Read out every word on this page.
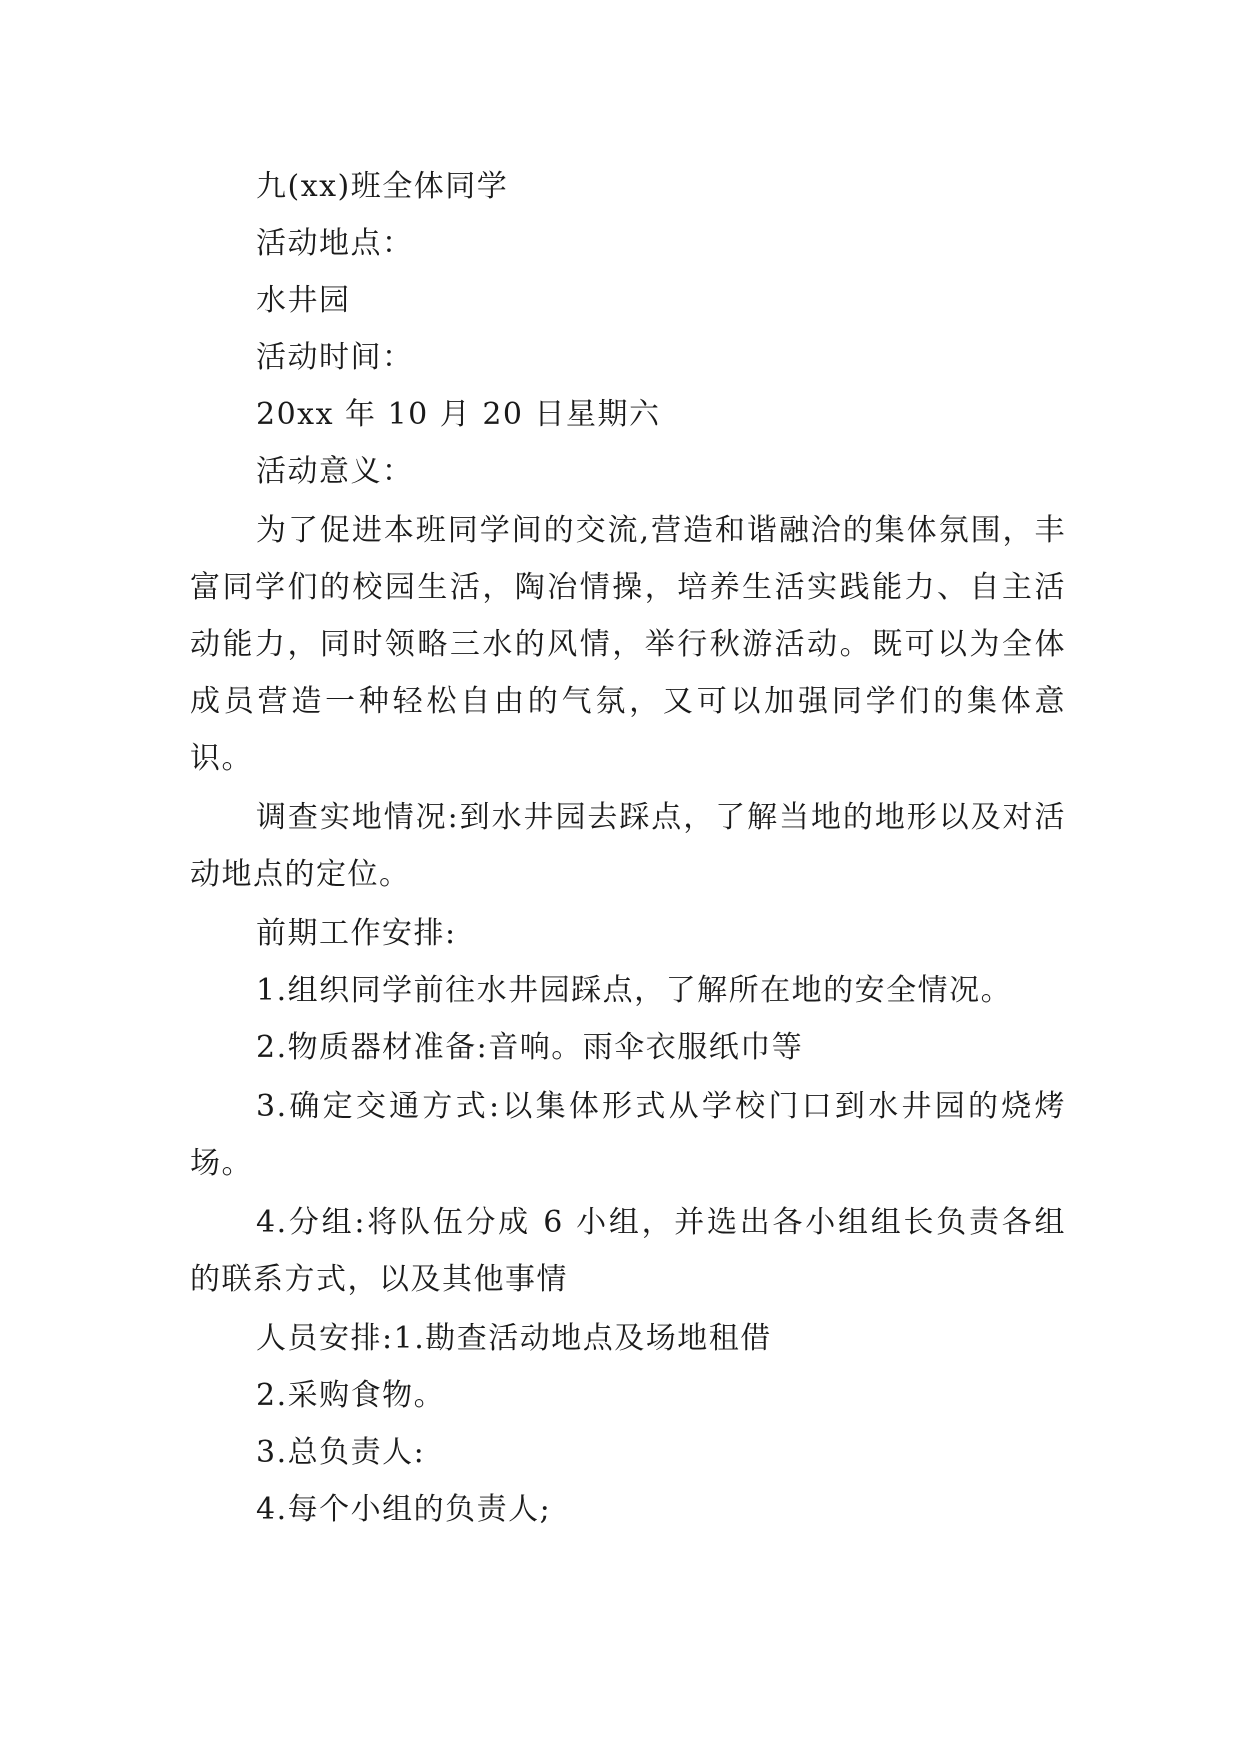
九(xx)班全体同学

活动地点：

水井园

活动时间：

20xx 年 10 月 20 日星期六

活动意义：

为了促进本班同学间的交流,营造和谐融洽的集体氛围，丰富同学们的校园生活，陶冶情操，培养生活实践能力、自主活动能力，同时领略三水的风情，举行秋游活动。既可以为全体成员营造一种轻松自由的气氛，又可以加强同学们的集体意识。

调查实地情况:到水井园去踩点，了解当地的地形以及对活动地点的定位。

前期工作安排:

1.组织同学前往水井园踩点，了解所在地的安全情况。

2.物质器材准备:音响。雨伞衣服纸巾等

3.确定交通方式:以集体形式从学校门口到水井园的烧烤场。

4.分组:将队伍分成 6 小组，并选出各小组组长负责各组的联系方式，以及其他事情

人员安排:1.勘查活动地点及场地租借

2.采购食物。

3.总负责人:

4.每个小组的负责人;
